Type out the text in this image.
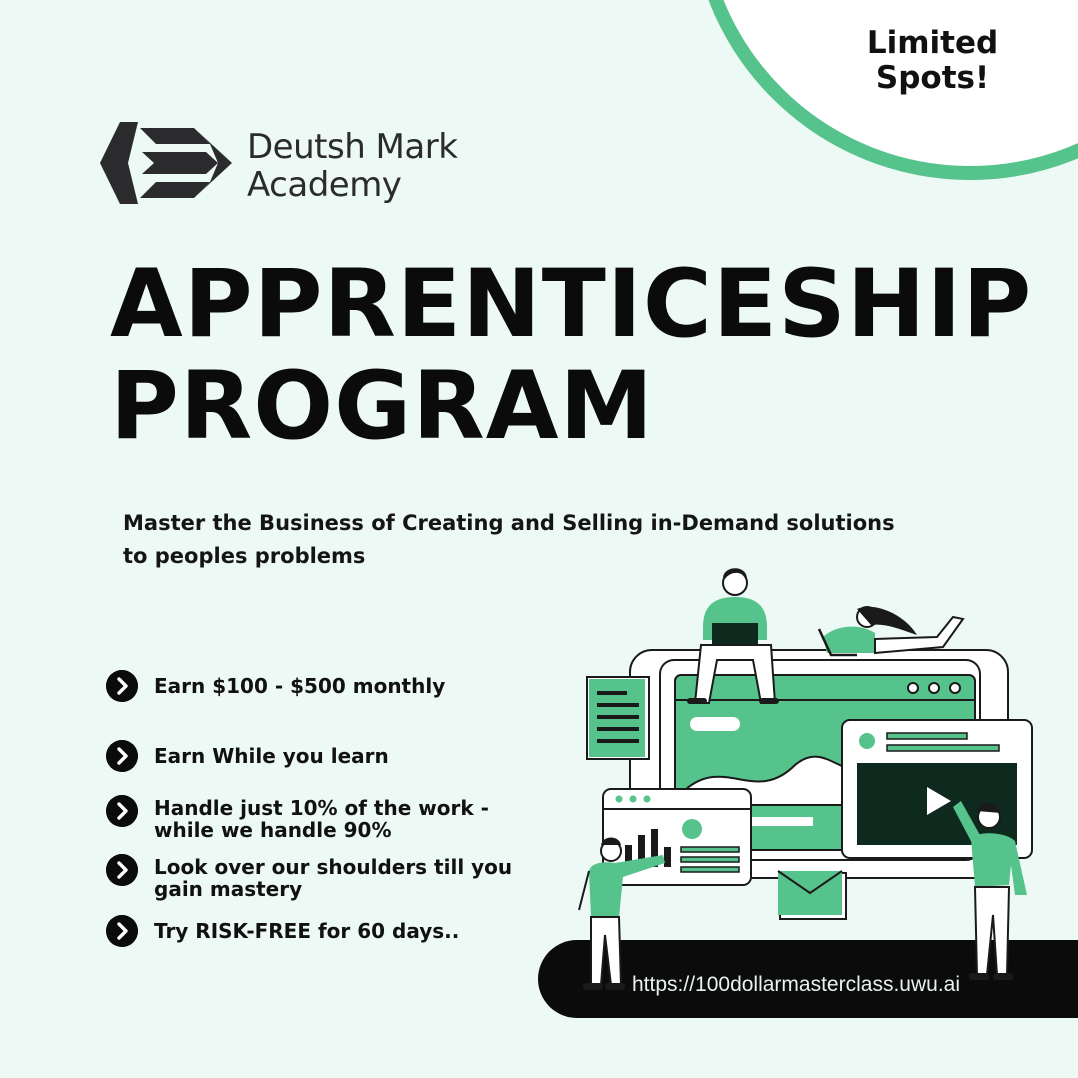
Limited
Spots!
Deutsh Mark
Academy
APPRENTICESHIP
PROGRAM
Master the Business of Creating and Selling in-Demand solutions to peoples problems
Earn $100 - $500 monthly
Earn While you learn
Handle just 10% of the work -
while we handle 90%
Look over our shoulders till you
gain mastery
Try RISK-FREE for 60 days..
https://100dollarmasterclass.uwu.ai
